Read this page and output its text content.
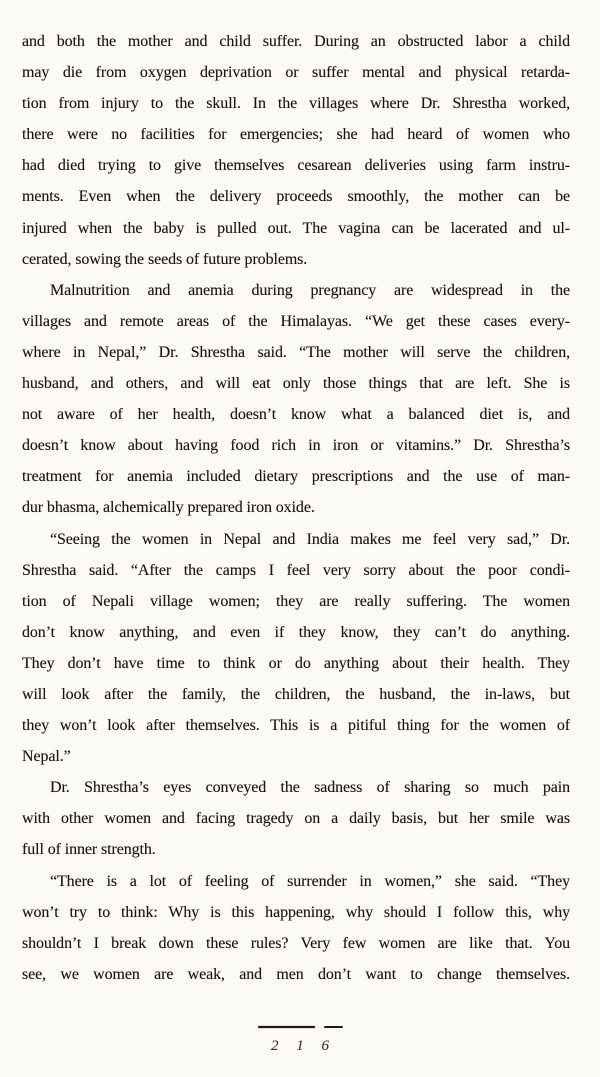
and both the mother and child suffer. During an obstructed labor a child
may die from oxygen deprivation or suffer mental and physical retarda-
tion from injury to the skull. In the villages where Dr. Shrestha worked,
there were no facilities for emergencies; she had heard of women who
had died trying to give themselves cesarean deliveries using farm instru-
ments. Even when the delivery proceeds smoothly, the mother can be
injured when the baby is pulled out. The vagina can be lacerated and ul-
cerated, sowing the seeds of future problems.
Malnutrition and anemia during pregnancy are widespread in the
villages and remote areas of the Himalayas. “We get these cases every-
where in Nepal,” Dr. Shrestha said. “The mother will serve the children,
husband, and others, and will eat only those things that are left. She is
not aware of her health, doesn’t know what a balanced diet is, and
doesn’t know about having food rich in iron or vitamins.” Dr. Shrestha’s
treatment for anemia included dietary prescriptions and the use of man-
dur bhasma, alchemically prepared iron oxide.
“Seeing the women in Nepal and India makes me feel very sad,” Dr.
Shrestha said. “After the camps I feel very sorry about the poor condi-
tion of Nepali village women; they are really suffering. The women
don’t know anything, and even if they know, they can’t do anything.
They don’t have time to think or do anything about their health. They
will look after the family, the children, the husband, the in-laws, but
they won’t look after themselves. This is a pitiful thing for the women of
Nepal.”
Dr. Shrestha’s eyes conveyed the sadness of sharing so much pain
with other women and facing tragedy on a daily basis, but her smile was
full of inner strength.
“There is a lot of feeling of surrender in women,” she said. “They
won’t try to think: Why is this happening, why should I follow this, why
shouldn’t I break down these rules? Very few women are like that. You
see, we women are weak, and men don’t want to change themselves.
2 1 6
